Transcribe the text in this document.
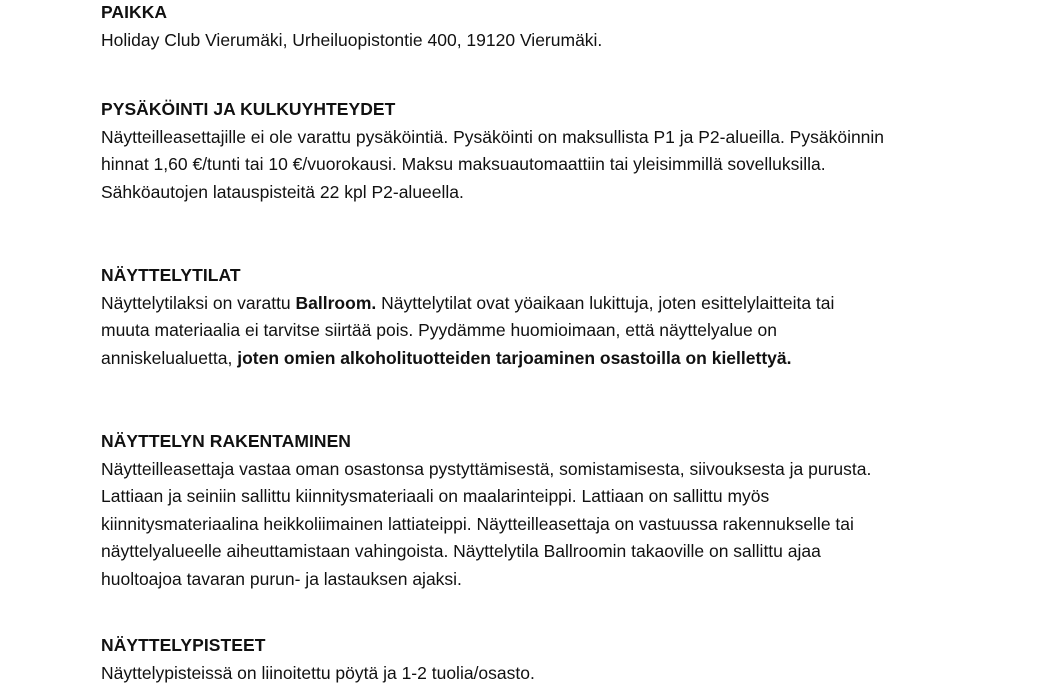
PAIKKA

Holiday Club Vierumäki, Urheiluopistontie 400, 19120 Vierumäki.

PYSÄKÖINTI JA KULKUYHTEYDET

Näytteilleasettajille ei ole varattu pysäköintiä. Pysäköinti on maksullista P1 ja P2-alueilla. Pysäköinnin
hinnat 1,60 €/tunti tai 10 €/vuorokausi. Maksu maksuautomaattiin tai yleisimmillä sovelluksilla.
Sähköautojen latauspisteitä 22 kpl P2-alueella.

NÄYTTELYTILAT

Näyttelytilaksi on varattu Ballroom. Näyttelytilat ovat yöaikaan lukittuja, joten esittelylaitteita tai
muuta materiaalia ei tarvitse siirtää pois. Pyydämme huomioimaan, että näyttelyalue on
anniskelualuetta, joten omien alkoholituotteiden tarjoaminen osastoilla on kiellettyä.

NÄYTTELYN RAKENTAMINEN

Näytteilleasettaja vastaa oman osastonsa pystyttämisestä, somistamisesta, siivouksesta ja purusta.
Lattiaan ja seiniin sallittu kiinnitysmateriaali on maalarinteippi. Lattiaan on sallittu myös
kiinnitysmateriaalina heikkoliimainen lattiateippi. Näytteilleasettaja on vastuussa rakennukselle tai
näyttelyalueelle aiheuttamistaan vahingoista. Näyttelytila Ballroomin takaoville on sallittu ajaa
huoltoajoa tavaran purun- ja lastauksen ajaksi.

NÄYTTELYPISTEET

Näyttelypisteissä on liinoitettu pöytä ja 1-2 tuolia/osasto.
